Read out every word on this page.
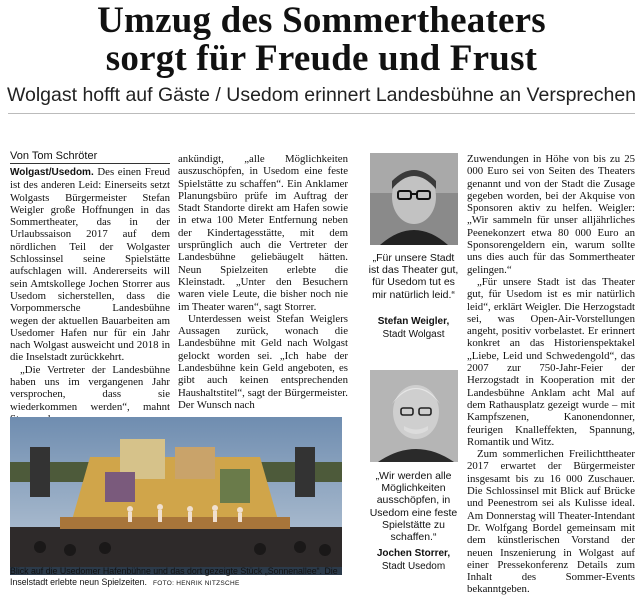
Umzug des Sommertheaters
sorgt für Freude und Frust
Wolgast hofft auf Gäste / Usedom erinnert Landesbühne an Versprechen
Von Tom Schröter

Wolgast/Usedom. Des einen Freud ist des anderen Leid: Einerseits setzt Wolgasts Bürgermeister Stefan Weigler große Hoffnungen in das Sommertheater, das in der Urlaubssaison 2017 auf dem nördlichen Teil der Wolgaster Schlossinsel seine Spielstätte aufschlagen will. Andererseits will sein Amtskollege Jochen Storrer aus Usedom sicherstellen, dass die Vorpommersche Landesbühne wegen der aktuellen Bauarbeiten am Usedomer Hafen nur für ein Jahr nach Wolgast ausweicht und 2018 in die Inselstadt zurückkehrt.

„Die Vertreter der Landesbühne haben uns im vergangenen Jahr versprochen, dass sie wiederkommen werden“, mahnt

ankündigt, „alle Möglichkeiten auszuschöpfen, in Usedom eine feste Spielstätte zu schaffen“. Ein Anklamer Planungsbüro prüfe im Auftrag der Stadt Standorte direkt am Hafen sowie in etwa 100 Meter Entfernung neben der Kindertagesstätte, mit dem ursprünglich auch die Vertreter der Landesbühne geliebäugelt hätten. Neun Spielzeiten erlebte die Kleinstadt. „Unter den Besuchern waren viele Leute, die bisher noch nie im Theater waren“, sagt Storrer.

Unterdessen weist Stefan Weiglers Aussagen zurück, wonach die Landesbühne mit Geld nach Wolgast gelockt worden sei. „Ich habe der Landesbühne kein Geld angeboten, es gibt auch keinen entsprechenden Haushaltstitel“, sagt der Bürgermeister. Der Wunsch nach

Zuwendungen in Höhe von bis zu 25 000 Euro sei von Seiten des Theaters genannt und von der Stadt die Zusage gegeben worden, bei der Akquise von Sponsoren aktiv zu helfen. Weigler: „Wir sammeln für unser alljährliches Peenekonzert etwa 80 000 Euro an Sponsorengeldern ein, warum sollte uns dies auch für das Sommertheater gelingen.“

„Für unsere Stadt ist das Theater gut, für Usedom ist es mir natürlich leid“, erklärt Weigler. Die Herzogstadt sei, was Open-Air-Vorstellungen angeht, positiv vorbelastet. Er erinnert konkret an das Historienspektakel „Liebe, Leid und Schwedengold“, das 2007 zur 750-Jahr-Feier der Herzogstadt in Kooperation mit der Landesbühne Anklam acht Mal auf dem Rathausplatz gezeigt wurde – mit Kampfszenen, Kanonendonner, feurigen Knalleffekten, Spannung, Romantik und Witz.

Zum sommerlichen Freilichttheater 2017 erwartet der Bürgermeister insgesamt bis zu 16 000 Zuschauer. Die Schlossinsel mit Blick auf Brücke und Peenestrom sei als Kulisse ideal. Am Donnerstag will Theater-Intendant Dr. Wolfgang Bordel gemeinsam mit dem künstlerischen Vorstand der neuen Inszenierung in Wolgast auf einer Pressekonferenz Details zum Inhalt des Sommer-Events bekanntgeben.

„Für unsere Stadt ist das Theater gut, für Usedom tut es mir natürlich leid.“
Stefan Weigler,
Stadt Wolgast
„Wir werden alle Möglichkeiten ausschöpfen, in Usedom eine feste Spielstätte zu schaffen.“
Jochen Storrer,
Stadt Usedom
Blick auf die Usedomer Hafenbühne und das dort gezeigte Stück „Sonnenallee“. Die Inselstadt erlebte neun Spielzeiten. FOTO: HENRIK NITZSCHE
